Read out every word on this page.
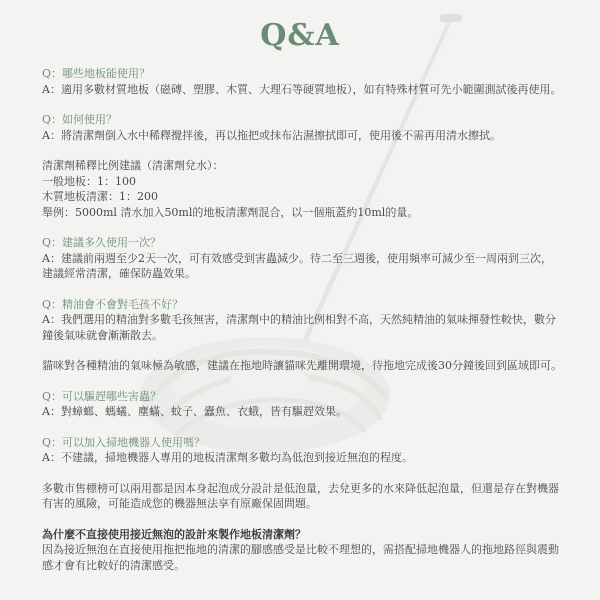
Q&A

Q：哪些地板能使用？

A：適用多數材質地板（磁磚、塑膠、木質、大理石等硬質地板），如有特殊材質可先小範圍測試後再使用。

Q：如何使用？

A：將清潔劑倒入水中稀釋攪拌後，再以拖把或抹布沾濕擦拭即可，使用後不需再用清水擦拭。

清潔劑稀釋比例建議（清潔劑兌水）：

一般地板：1：100

木質地板清潔：1：200

舉例：5000ml 清水加入50ml的地板清潔劑混合，以一個瓶蓋約10ml的量。

Q：建議多久使用一次？

A：建議前兩週至少2天一次，可有效感受到害蟲減少。待二至三週後，使用頻率可減少至一周兩到三次，建議經常清潔，確保防蟲效果。

Q：精油會不會對毛孩不好？

A：我們選用的精油對多數毛孩無害，清潔劑中的精油比例相對不高，天然純精油的氣味揮發性較快，數分鐘後氣味就會漸漸散去。

貓咪對各種精油的氣味極為敏感，建議在拖地時讓貓咪先離開環境，待拖地完成後30分鐘後回到區域即可。

Q：可以驅趕哪些害蟲？

A：對蟑螂、螞蟻、塵蟎、蚊子、蠹魚、衣蛾，皆有驅趕效果。

Q：可以加入掃地機器人使用嗎？

A：不建議，掃地機器人專用的地板清潔劑多數均為低泡到接近無泡的程度。

多數市售標榜可以兩用都是因本身起泡成分設計是低泡量，去兌更多的水來降低起泡量，但還是存在對機器有害的風險，可能造成您的機器無法享有原廠保固問題。

為什麼不直接使用接近無泡的設計來製作地板清潔劑？

因為接近無泡在直接使用拖把拖地的清潔的腳感感受是比較不理想的，需搭配掃地機器人的拖地路徑與震動感才會有比較好的清潔感受。
